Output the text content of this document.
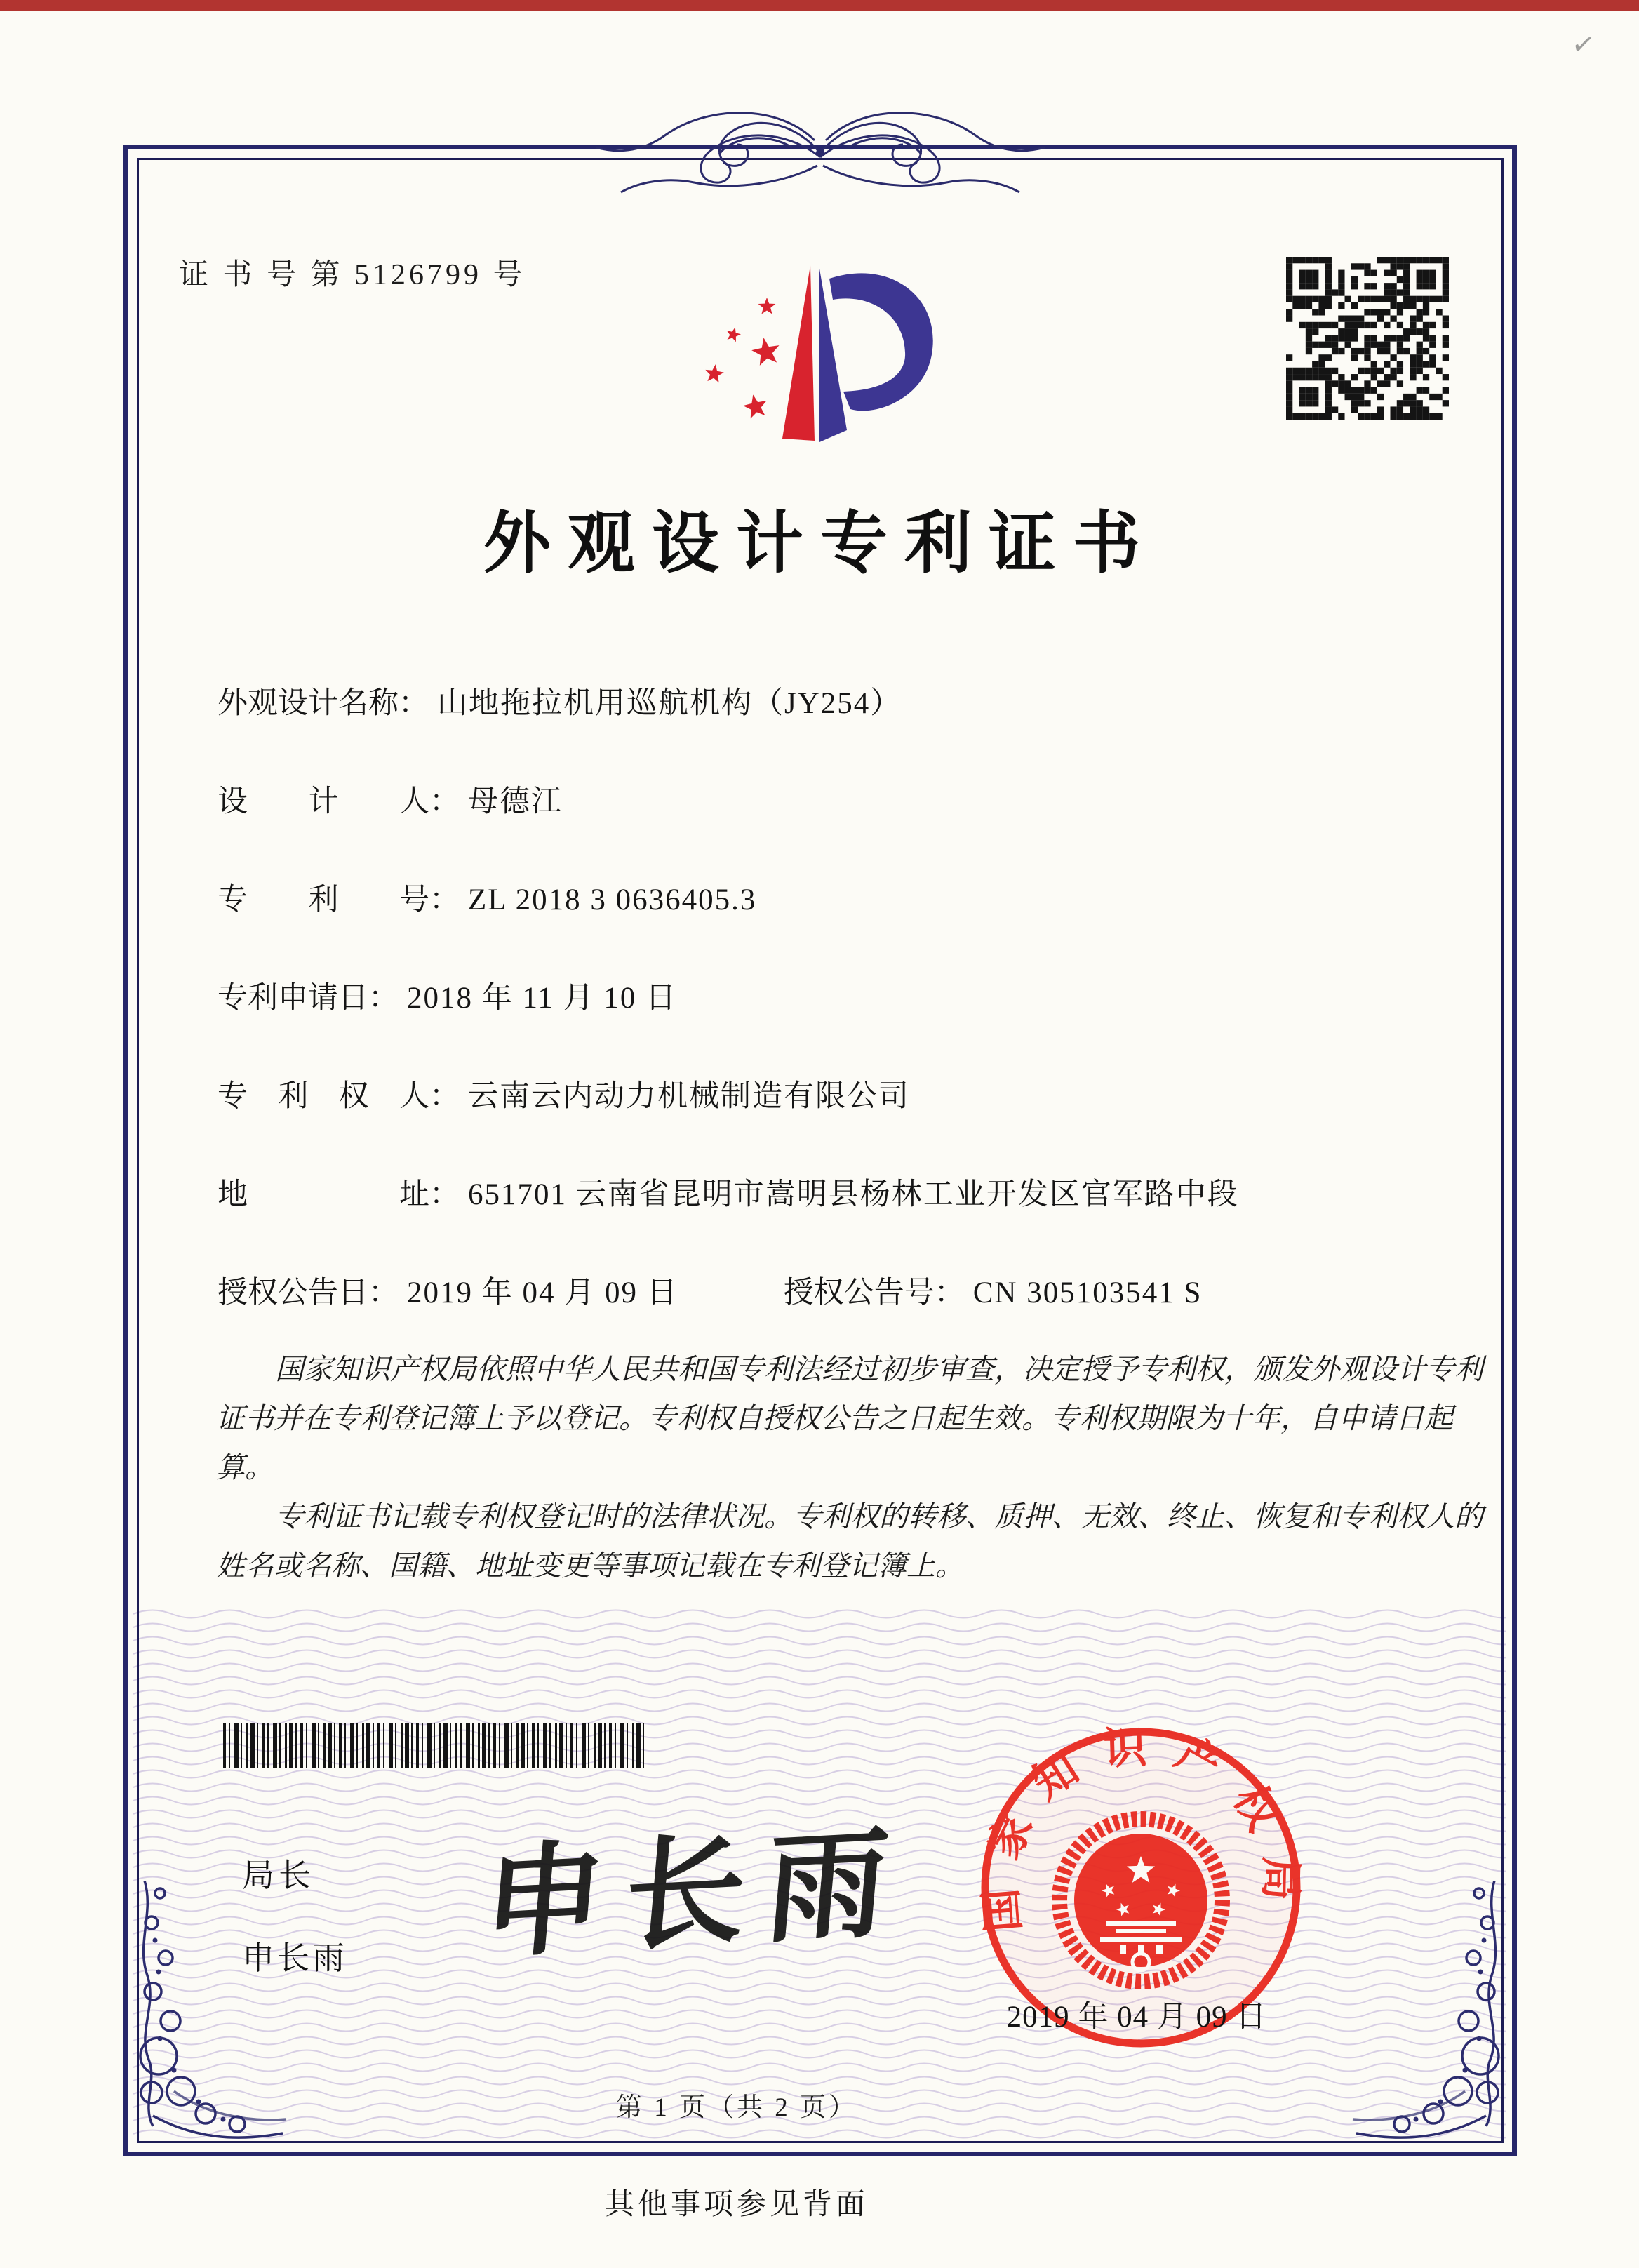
✓
证 书 号 第 5126799 号
外观设计专利证书
外观设计名称： 山地拖拉机用巡航机构（JY254）
设计人： 母德江
专利号： ZL 2018 3 0636405.3
专利申请日： 2018 年 11 月 10 日
专利权人： 云南云内动力机械制造有限公司
地址： 651701 云南省昆明市嵩明县杨林工业开发区官军路中段
授权公告日： 2019 年 04 月 09 日	授权公告号： CN 305103541 S

国家知识产权局依照中华人民共和国专利法经过初步审查，决定授予专利权，颁发外观设计专利证书并在专利登记簿上予以登记。专利权自授权公告之日起生效。专利权期限为十年，自申请日起算。

专利证书记载专利权登记时的法律状况。专利权的转移、质押、无效、终止、恢复和专利权人的姓名或名称、国籍、地址变更等事项记载在专利登记簿上。

局长
申长雨 申长雨 国家知识产权局
2019 年 04 月 09 日
第 1 页（共 2 页）
其他事项参见背面
